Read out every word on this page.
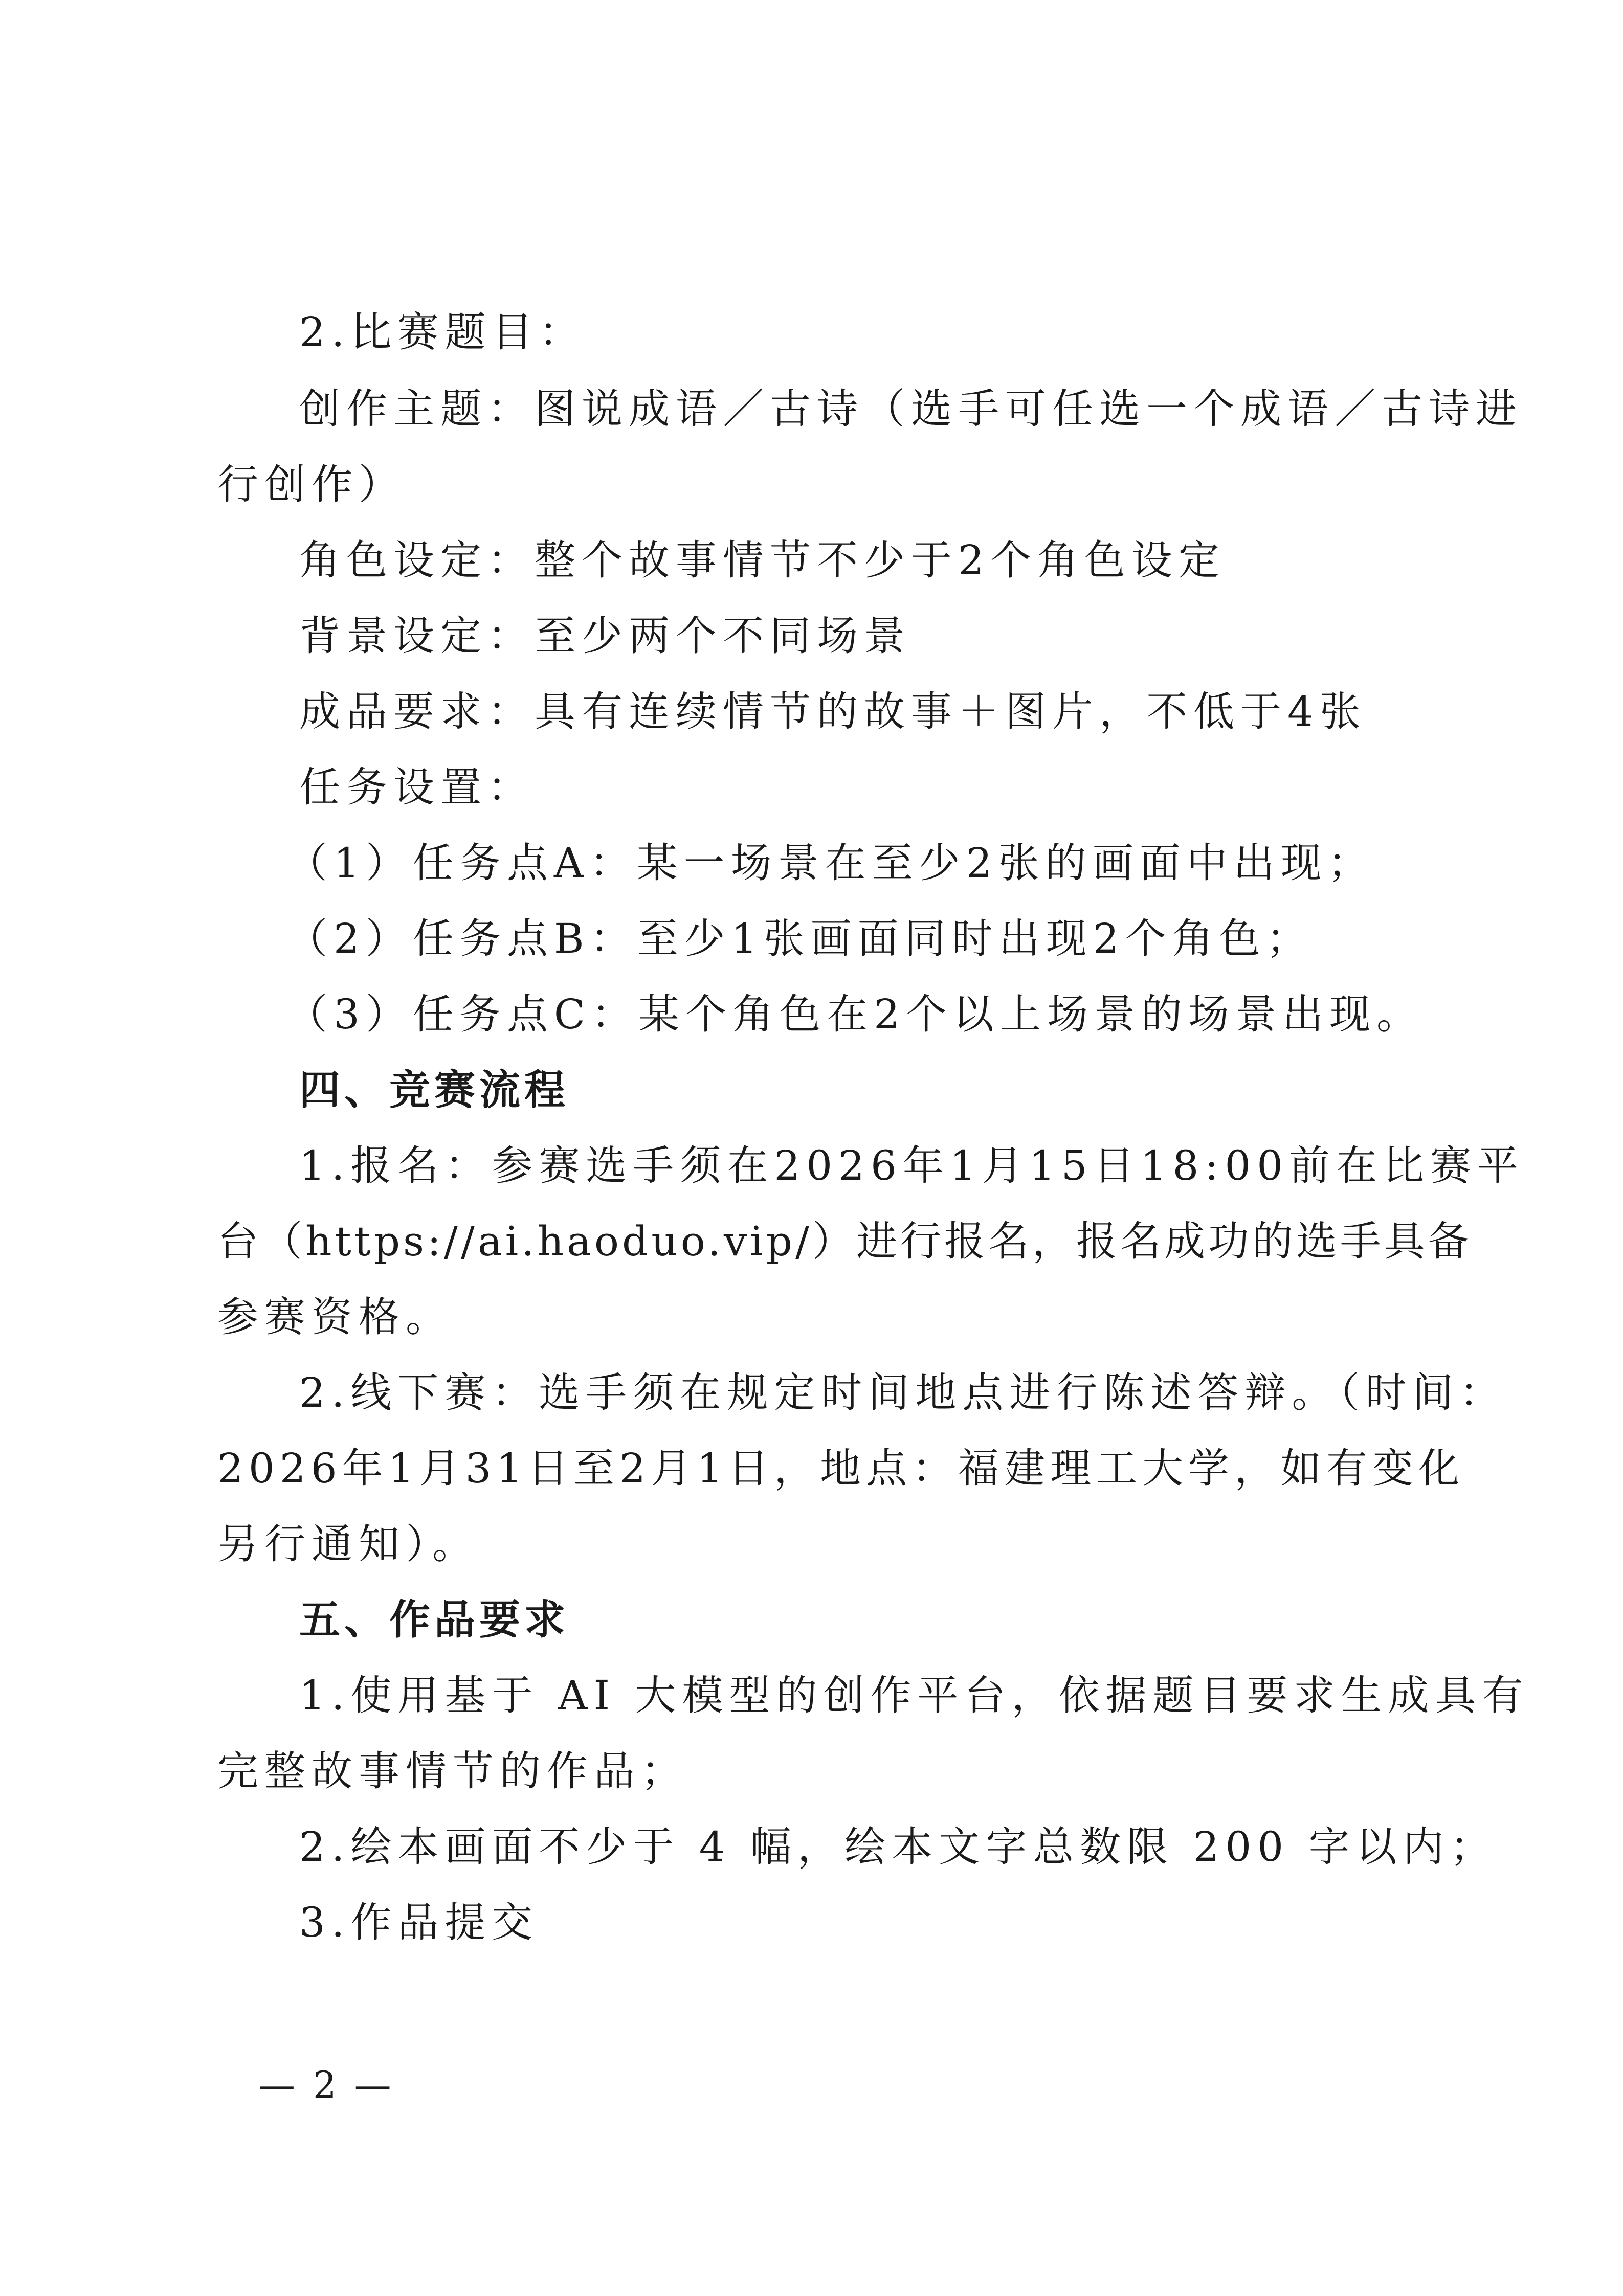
2.比赛题目：
创作主题：图说成语／古诗（选手可任选一个成语／古诗进
行创作）
角色设定：整个故事情节不少于2个角色设定
背景设定：至少两个不同场景
成品要求：具有连续情节的故事＋图片，不低于4张
任务设置：
（1）任务点A：某一场景在至少2张的画面中出现；
（2）任务点B：至少1张画面同时出现2个角色；
（3）任务点C：某个角色在2个以上场景的场景出现。
四、竞赛流程
1.报名：参赛选手须在2026年1月15日18:00前在比赛平
台（https://ai.haoduo.vip/）进行报名，报名成功的选手具备
参赛资格。
2.线下赛：选手须在规定时间地点进行陈述答辩。（时间：
2026年1月31日至2月1日，地点：福建理工大学，如有变化
另行通知）。
五、作品要求
1.使用基于 AI 大模型的创作平台，依据题目要求生成具有
完整故事情节的作品；
2.绘本画面不少于 4 幅，绘本文字总数限 200 字以内；
3.作品提交
— 2 —
